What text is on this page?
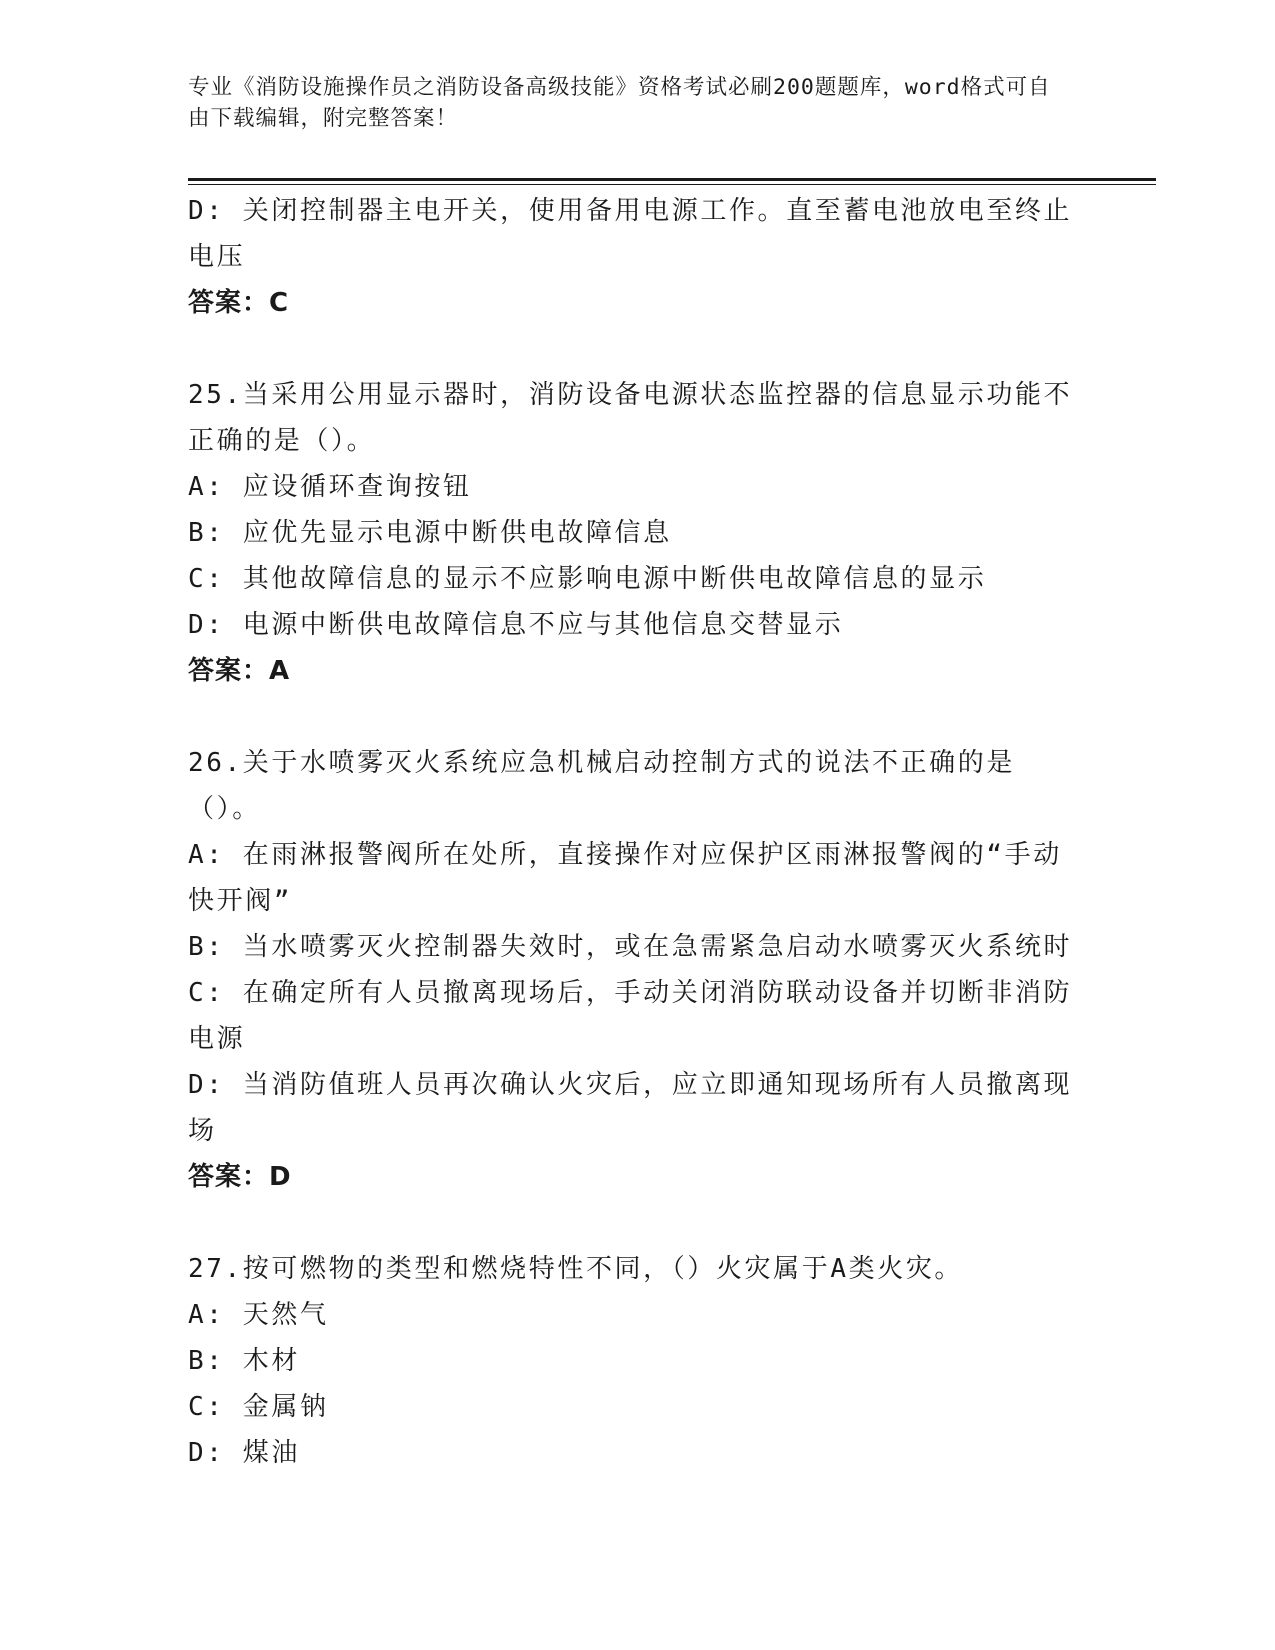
专业《消防设施操作员之消防设备高级技能》资格考试必刷200题题库，word格式可自由下载编辑，附完整答案！
D: 关闭控制器主电开关，使用备用电源工作。直至蓄电池放电至终止电压
答案：C
25.当采用公用显示器时，消防设备电源状态监控器的信息显示功能不正确的是（）。
A: 应设循环查询按钮
B: 应优先显示电源中断供电故障信息
C: 其他故障信息的显示不应影响电源中断供电故障信息的显示
D: 电源中断供电故障信息不应与其他信息交替显示
答案：A
26.关于水喷雾灭火系统应急机械启动控制方式的说法不正确的是（）。
A: 在雨淋报警阀所在处所，直接操作对应保护区雨淋报警阀的“手动快开阀”
B: 当水喷雾灭火控制器失效时，或在急需紧急启动水喷雾灭火系统时
C: 在确定所有人员撤离现场后，手动关闭消防联动设备并切断非消防电源
D: 当消防值班人员再次确认火灾后，应立即通知现场所有人员撤离现场
答案：D
27.按可燃物的类型和燃烧特性不同，（）火灾属于A类火灾。
A: 天然气
B: 木材
C: 金属钠
D: 煤油
